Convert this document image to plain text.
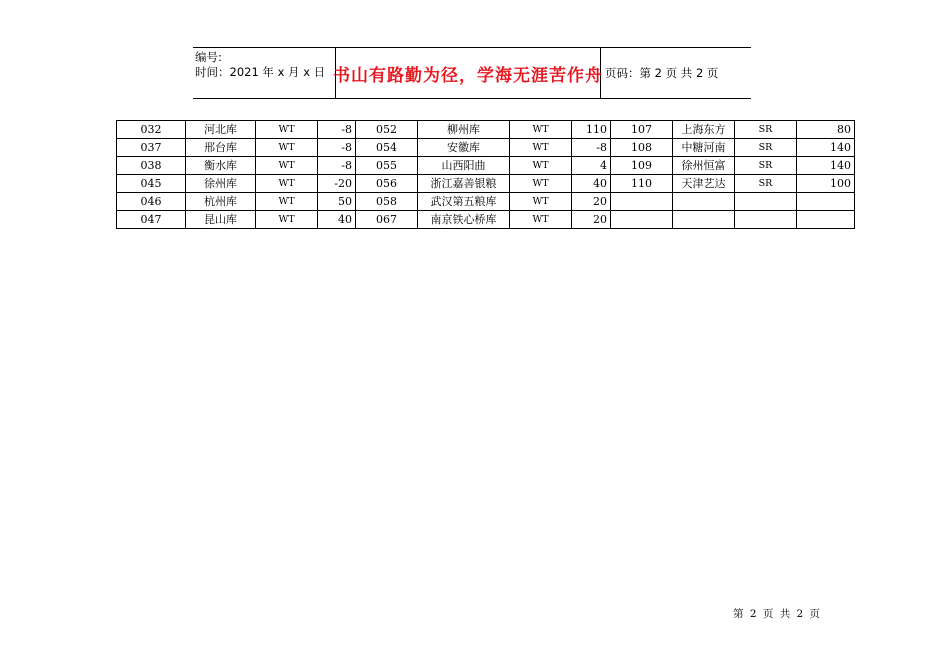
编号:
时间：2021 年 x 月 x 日 书山有路勤为径，学海无涯苦作舟 页码：第 2 页 共 2 页
032	河北库	WT	-8	052	柳州库	WT	110	107	上海东方	SR	80
037	邢台库	WT	-8	054	安徽库	WT	-8	108	中糖河南	SR	140
038	衡水库	WT	-8	055	山西阳曲	WT	4	109	徐州恒富	SR	140
045	徐州库	WT	-20	056	浙江嘉善银粮	WT	40	110	天津艺达	SR	100
046	杭州库	WT	50	058	武汉第五粮库	WT	20				
047	昆山库	WT	40	067	南京铁心桥库	WT	20				
第 2 页 共 2 页
